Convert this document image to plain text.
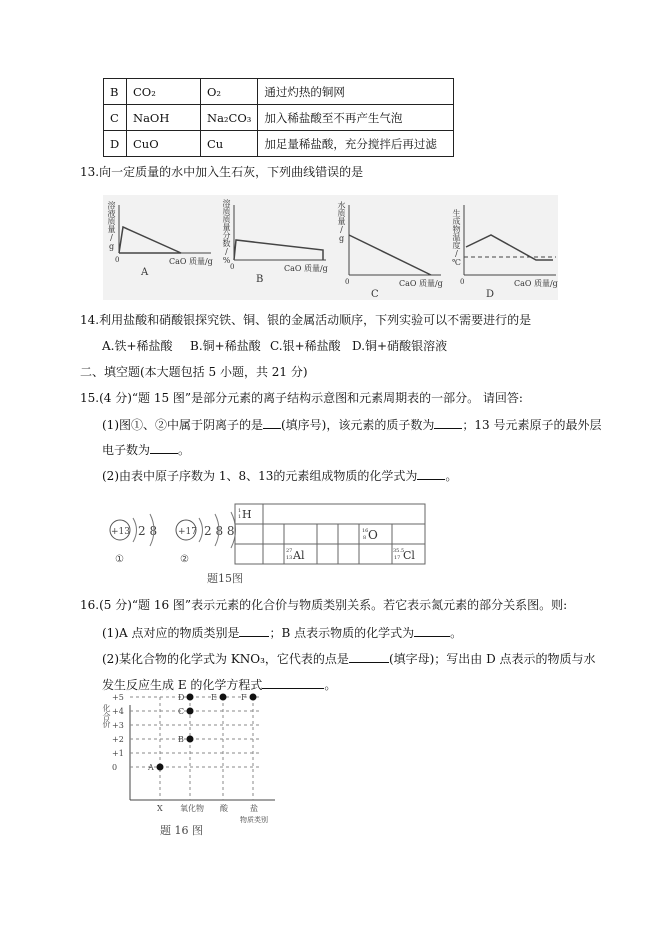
B	CO₂	O₂	通过灼热的铜网
C	NaOH	Na₂CO₃	加入稀盐酸至不再产生气泡
D	CuO	Cu	加足量稀盐酸，充分搅拌后再过滤
13.向一定质量的水中加入生石灰，下列曲线错误的是
0	CaO 质量/g
A	0	CaO 质量/g
B	0	CaO 质量/g
C
0	CaO 质量/g
D
溶液质量/g	溶质质量分数/%	水质量/g	生成物温度/℃
14.利用盐酸和硝酸银探究铁、铜、银的金属活动顺序，下列实验可以不需要进行的是
A.铁+稀盐酸 B.铜+稀盐酸 C.银+稀盐酸 D.铜+硝酸银溶液
二、填空题(本大题包括 5 小题，共 21 分)
15.(4 分)“题 15 图”是部分元素的离子结构示意图和元素周期表的一部分。 请回答:
(1)图①、②中属于阴离子的是 (填序号)，该元素的质子数为 ；13 号元素原子的最外层
电子数为 。
(2)由表中原子序数为 1、8、13的元素组成物质的化学式为 。
+13 2 8
①
+17 2 8 8
②
题15图
1
1 H
16
8 O
27
13 Al	35.5
17 Cl
16.(5 分)“题 16 图”表示元素的化合价与物质类别关系。若它表示氮元素的部分关系图。则:
(1)A 点对应的物质类别是	；B 点表示物质的化学式为	。
(2)某化合物的化学式为 KNO₃，它代表的点是	(填字母)；写出由 D 点表示的物质与水
发生反应生成 E 的化学方程式	。
0
+1
+2
+3
+4
+5
X 氧化物 酸	盐
物质类别
题 16 图
A
B
C
D	E	F
化合价
